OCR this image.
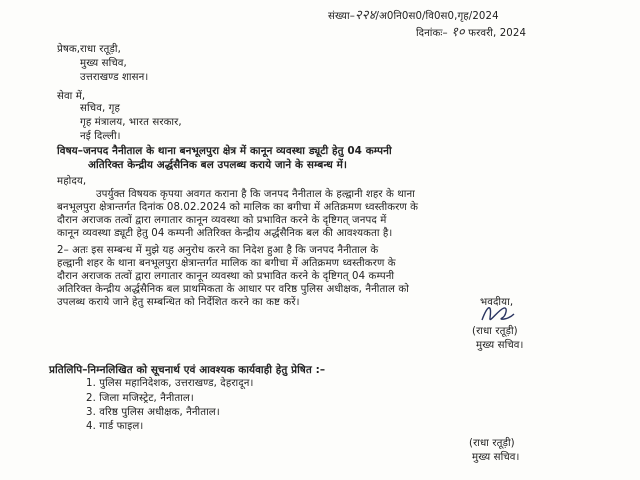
संख्या–२२४/अ0नि0स0/वि0स0,गृह/2024
दिनांकः– १० फरवरी, 2024
प्रेषक, राधा रतूड़ी,
मुख्य सचिव,
उत्तराखण्ड शासन।
सेवा में,
सचिव, गृह
गृह मंत्रालय, भारत सरकार,
नई दिल्ली।
विषय–जनपद नैनीताल के थाना बनभूलपुरा क्षेत्र में कानून व्यवस्था ड्यूटी हेतु 04 कम्पनी
अतिरिक्त केन्द्रीय अर्द्धसैनिक बल उपलब्ध कराये जाने के सम्बन्ध में।
महोदय,
उपर्युक्त विषयक कृपया अवगत कराना है कि जनपद नैनीताल के हल्द्वानी शहर के थाना
बनभूलपुरा क्षेत्रान्तर्गत दिनांक 08.02.2024 को मालिक का बगीचा में अतिक्रमण ध्वस्तीकरण के
दौरान अराजक तत्वों द्वारा लगातार कानून व्यवस्था को प्रभावित करने के दृष्टिगत् जनपद में
कानून व्यवस्था ड्यूटी हेतु 04 कम्पनी अतिरिक्त केन्द्रीय अर्द्धसैनिक बल की आवश्यकता है।
2– अतः इस सम्बन्ध में मुझे यह अनुरोध करने का निदेश हुआ है कि जनपद नैनीताल के
हल्द्वानी शहर के थाना बनभूलपुरा क्षेत्रान्तर्गत मालिक का बगीचा में अतिक्रमण ध्वस्तीकरण के
दौरान अराजक तत्वों द्वारा लगातार कानून व्यवस्था को प्रभावित करने के दृष्टिगत् 04 कम्पनी
अतिरिक्त केन्द्रीय अर्द्धसैनिक बल प्राथमिकता के आधार पर वरिष्ठ पुलिस अधीक्षक, नैनीताल को
उपलब्ध कराये जाने हेतु सम्बन्धित को निर्देशित करने का कष्ट करें।	भवदीया,
(राधा रतूड़ी)
मुख्य सचिव।
प्रतिलिपि–निम्नलिखित को सूचनार्थ एवं आवश्यक कार्यवाही हेतु प्रेषित :–
1. पुलिस महानिदेशक, उत्तराखण्ड, देहरादून।
2. जिला मजिस्ट्रेट, नैनीताल।
3. वरिष्ठ पुलिस अधीक्षक, नैनीताल।
4. गार्ड फाइल।
(राधा रतूड़ी)
मुख्य सचिव।
